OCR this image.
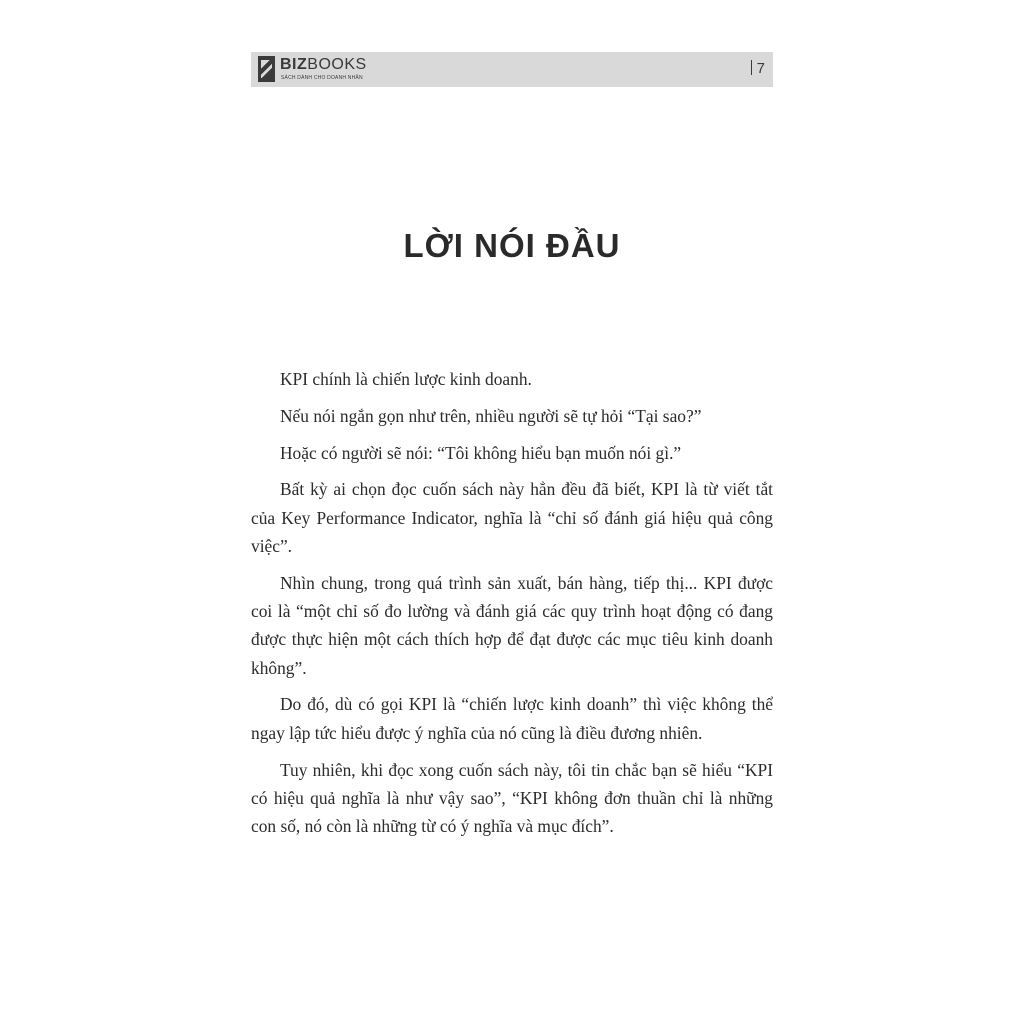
BIZBOOKS
SÁCH DÀNH CHO DOANH NHÂN
7
LỜI NÓI ĐẦU

KPI chính là chiến lược kinh doanh.

Nếu nói ngắn gọn như trên, nhiều người sẽ tự hỏi “Tại sao?”

Hoặc có người sẽ nói: “Tôi không hiểu bạn muốn nói gì.”

Bất kỳ ai chọn đọc cuốn sách này hẳn đều đã biết, KPI là từ viết tắt của Key Performance Indicator, nghĩa là “chỉ số đánh giá hiệu quả công việc”.

Nhìn chung, trong quá trình sản xuất, bán hàng, tiếp thị... KPI được coi là “một chỉ số đo lường và đánh giá các quy trình hoạt động có đang được thực hiện một cách thích hợp để đạt được các mục tiêu kinh doanh không”.

Do đó, dù có gọi KPI là “chiến lược kinh doanh” thì việc không thể ngay lập tức hiểu được ý nghĩa của nó cũng là điều đương nhiên.

Tuy nhiên, khi đọc xong cuốn sách này, tôi tin chắc bạn sẽ hiểu “KPI có hiệu quả nghĩa là như vậy sao”, “KPI không đơn thuần chỉ là những con số, nó còn là những từ có ý nghĩa và mục đích”.
